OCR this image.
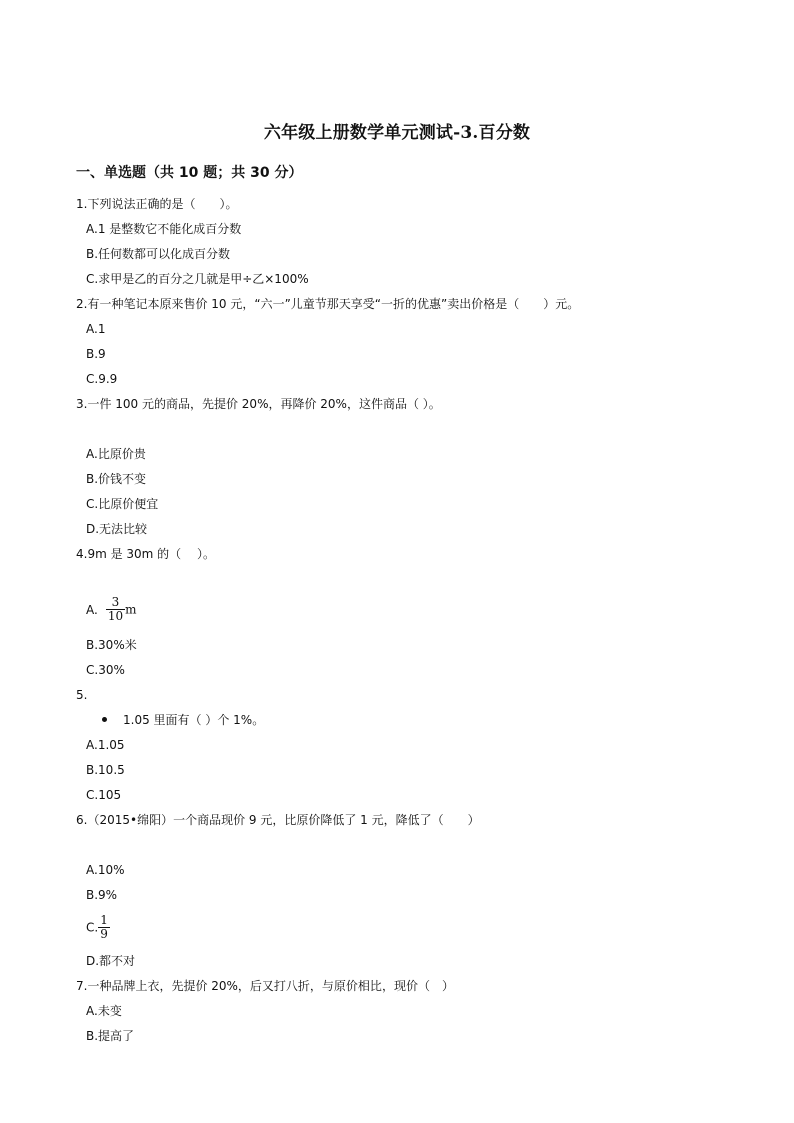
六年级上册数学单元测试-3.百分数
一、单选题（共 10 题；共 30 分）
1.下列说法正确的是（　　）。
A.1 是整数它不能化成百分数
B.任何数都可以化成百分数
C.求甲是乙的百分之几就是甲÷乙×100%
2.有一种笔记本原来售价 10 元，“六一”儿童节那天享受“一折的优惠”卖出价格是（　　）元。
A.1
B.9
C.9.9
3.一件 100 元的商品，先提价 20%，再降价 20%，这件商品（ ）。
A.比原价贵
B.价钱不变
C.比原价便宜
D.无法比较
4.9m 是 30m 的（　 ）。
A. $\frac{3}{10}$ m
B.30%米
C.30%
5.
1.05 里面有（ ）个 1%。
A.1.05
B.10.5
C.105
6.（2015•绵阳）一个商品现价 9 元，比原价降低了 1 元，降低了（　　）
A.10%
B.9%
C. $\frac{1}{9}$
D.都不对
7.一种品牌上衣，先提价 20%，后又打八折，与原价相比，现价（　）
A.未变
B.提高了
